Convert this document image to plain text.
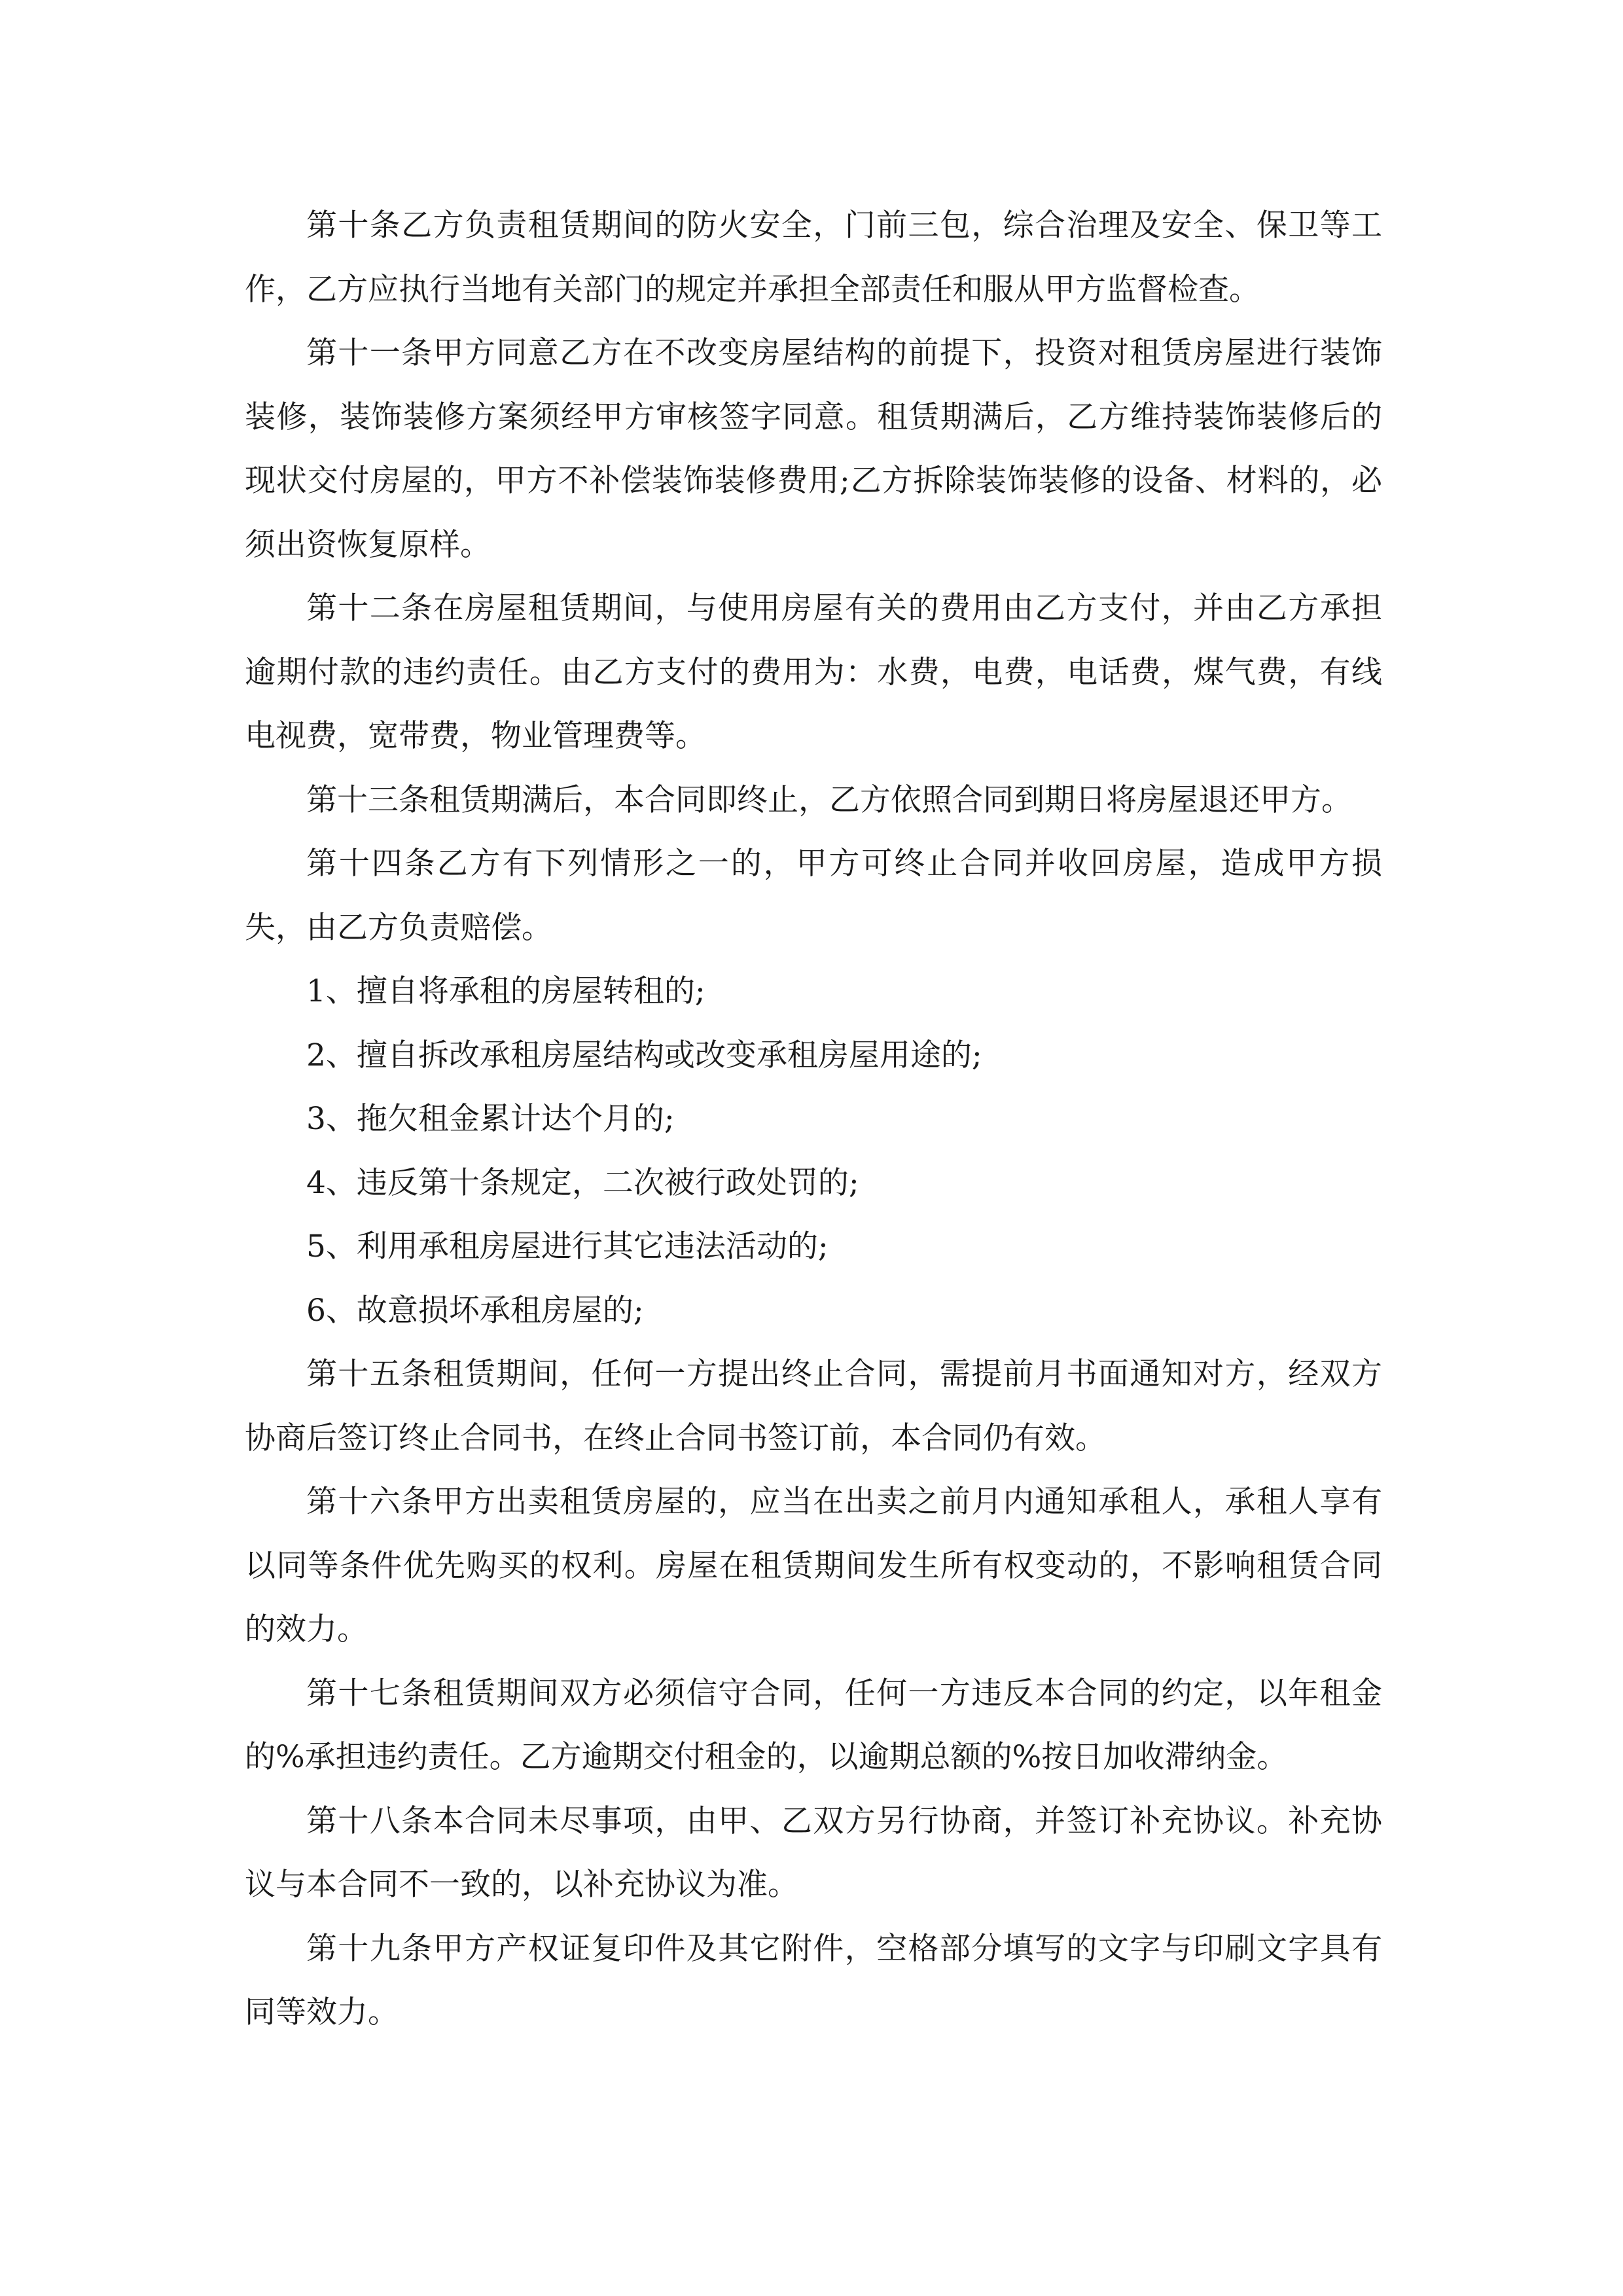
第十条乙方负责租赁期间的防火安全，门前三包，综合治理及安全、保卫等工作，乙方应执行当地有关部门的规定并承担全部责任和服从甲方监督检查。

第十一条甲方同意乙方在不改变房屋结构的前提下，投资对租赁房屋进行装饰装修，装饰装修方案须经甲方审核签字同意。租赁期满后，乙方维持装饰装修后的现状交付房屋的，甲方不补偿装饰装修费用;乙方拆除装饰装修的设备、材料的，必须出资恢复原样。

第十二条在房屋租赁期间，与使用房屋有关的费用由乙方支付，并由乙方承担逾期付款的违约责任。由乙方支付的费用为：水费，电费，电话费，煤气费，有线电视费，宽带费，物业管理费等。

第十三条租赁期满后，本合同即终止，乙方依照合同到期日将房屋退还甲方。

第十四条乙方有下列情形之一的，甲方可终止合同并收回房屋，造成甲方损失，由乙方负责赔偿。

1、擅自将承租的房屋转租的;

2、擅自拆改承租房屋结构或改变承租房屋用途的;

3、拖欠租金累计达个月的;

4、违反第十条规定，二次被行政处罚的;

5、利用承租房屋进行其它违法活动的;

6、故意损坏承租房屋的;

第十五条租赁期间，任何一方提出终止合同，需提前月书面通知对方，经双方协商后签订终止合同书，在终止合同书签订前，本合同仍有效。

第十六条甲方出卖租赁房屋的，应当在出卖之前月内通知承租人，承租人享有以同等条件优先购买的权利。房屋在租赁期间发生所有权变动的，不影响租赁合同的效力。

第十七条租赁期间双方必须信守合同，任何一方违反本合同的约定，以年租金的%承担违约责任。乙方逾期交付租金的，以逾期总额的%按日加收滞纳金。

第十八条本合同未尽事项，由甲、乙双方另行协商，并签订补充协议。补充协议与本合同不一致的，以补充协议为准。

第十九条甲方产权证复印件及其它附件，空格部分填写的文字与印刷文字具有同等效力。
